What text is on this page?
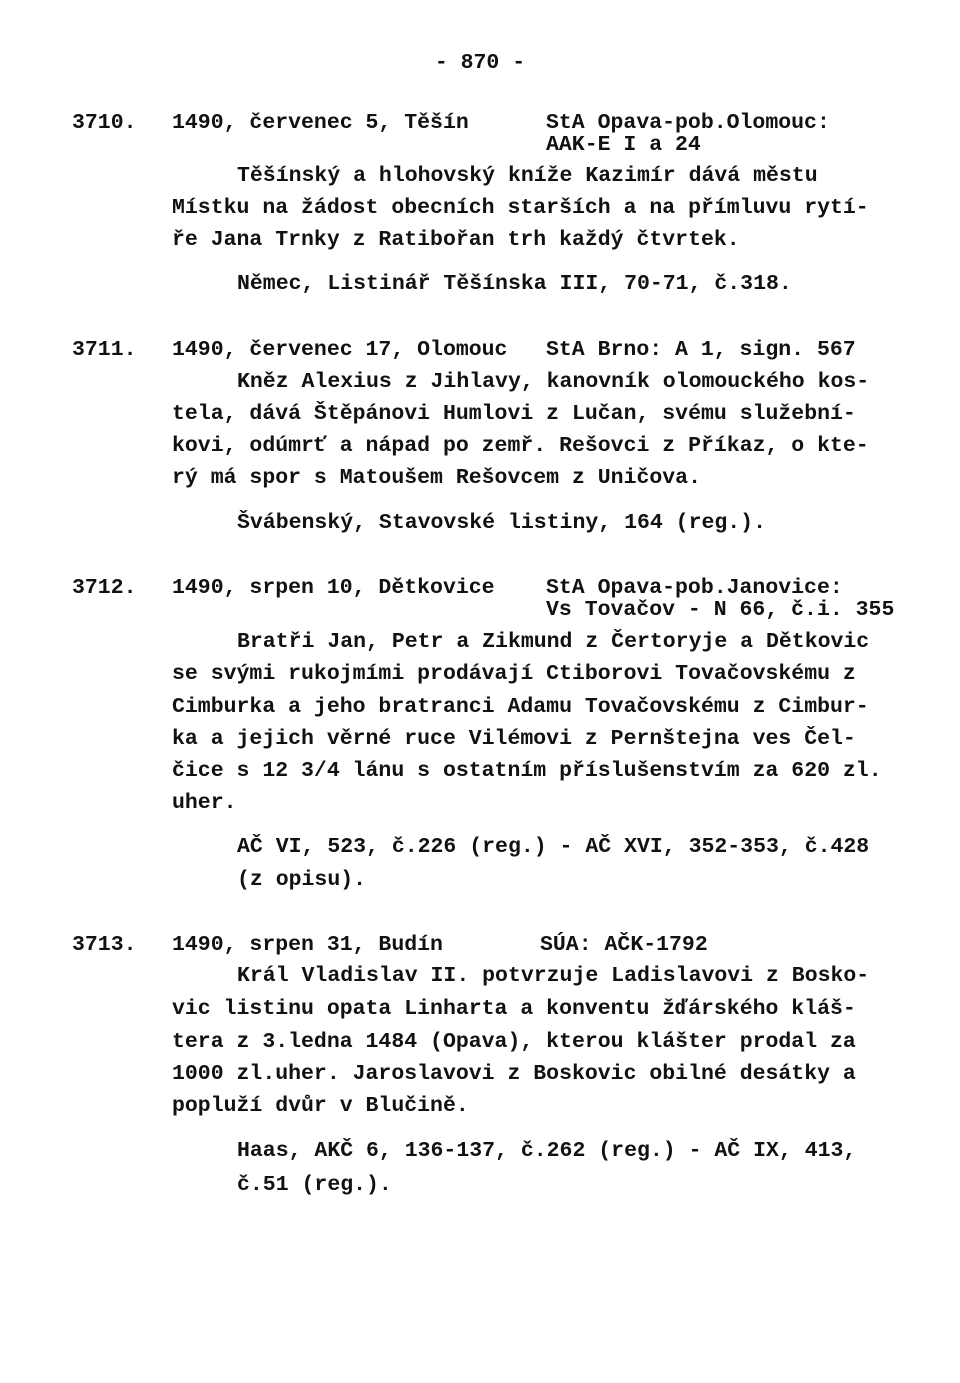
- 870 -
3710. 1490, červenec 5, Těšín	StA Opava-pob.Olomouc:
AAK-E I a 24
Těšínský a hlohovský kníže Kazimír dává městu
Místku na žádost obecních starších a na přímluvu rytí-
ře Jana Trnky z Ratibořan trh každý čtvrtek.
Němec, Listinář Těšínska III, 70-71, č.318.
3711. 1490, červenec 17, Olomouc StA Brno: A 1, sign. 567
Kněz Alexius z Jihlavy, kanovník olomouckého kos-
tela, dává Štěpánovi Humlovi z Lučan, svému služební-
kovi, odúmrť a nápad po zemř. Rešovci z Příkaz, o kte-
rý má spor s Matoušem Rešovcem z Uničova.
Švábenský, Stavovské listiny, 164 (reg.).
3712. 1490, srpen 10, Dětkovice StA Opava-pob.Janovice:
Vs Tovačov - N 66, č.i. 355
Bratři Jan, Petr a Zikmund z Čertoryje a Dětkovic
se svými rukojmími prodávají Ctiborovi Tovačovskému z
Cimburka a jeho bratranci Adamu Tovačovskému z Cimbur-
ka a jejich věrné ruce Vilémovi z Pernštejna ves Čel-
čice s 12 3/4 lánu s ostatním příslušenstvím za 620 zl.
uher.
AČ VI, 523, č.226 (reg.) - AČ XVI, 352-353, č.428
(z opisu).
3713. 1490, srpen 31, Budín	SÚA: AČK-1792
Král Vladislav II. potvrzuje Ladislavovi z Bosko-
vic listinu opata Linharta a konventu žďárského kláš-
tera z 3.ledna 1484 (Opava), kterou klášter prodal za
1000 zl.uher. Jaroslavovi z Boskovic obilné desátky a
popluží dvůr v Blučině.
Haas, AKČ 6, 136-137, č.262 (reg.) - AČ IX, 413,
č.51 (reg.).
